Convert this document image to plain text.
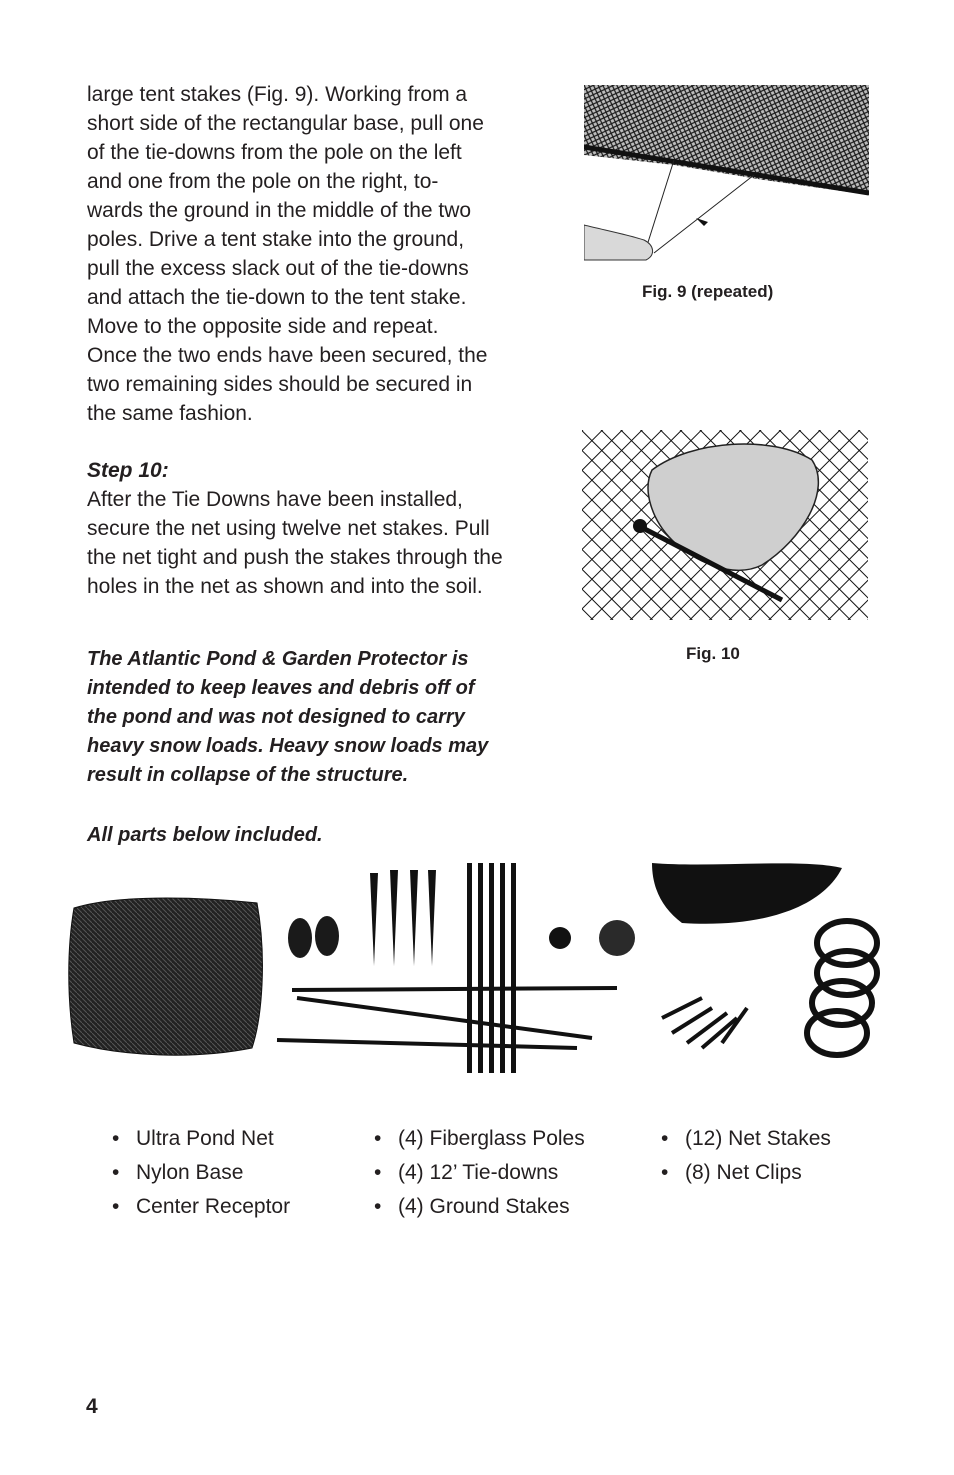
large tent stakes (Fig. 9). Working from a
short side of the rectangular base, pull one
of the tie-downs from the pole on the left
and one from the pole on the right, to-
wards the ground in the middle of the two
poles. Drive a tent stake into the ground,
pull the excess slack out of the tie-downs
and attach the tie-down to the tent stake.
Move to the opposite side and repeat.
Once the two ends have been secured, the
two remaining sides should be secured in
the same fashion.
Step 10:
After the Tie Downs have been installed,
secure the net using twelve net stakes. Pull
the net tight and push the stakes through the
holes in the net as shown and into the soil.
The Atlantic Pond & Garden Protector is
intended to keep leaves and debris off of
the pond and was not designed to carry
heavy snow loads. Heavy snow loads may
result in collapse of the structure.
All parts below included.
Fig. 9 (repeated)
Fig. 10
• Ultra Pond Net
• Nylon Base
• Center Receptor
• (4) Fiberglass Poles
• (4) 12’ Tie-downs
• (4) Ground Stakes
• (12) Net Stakes
• (8) Net Clips
4
